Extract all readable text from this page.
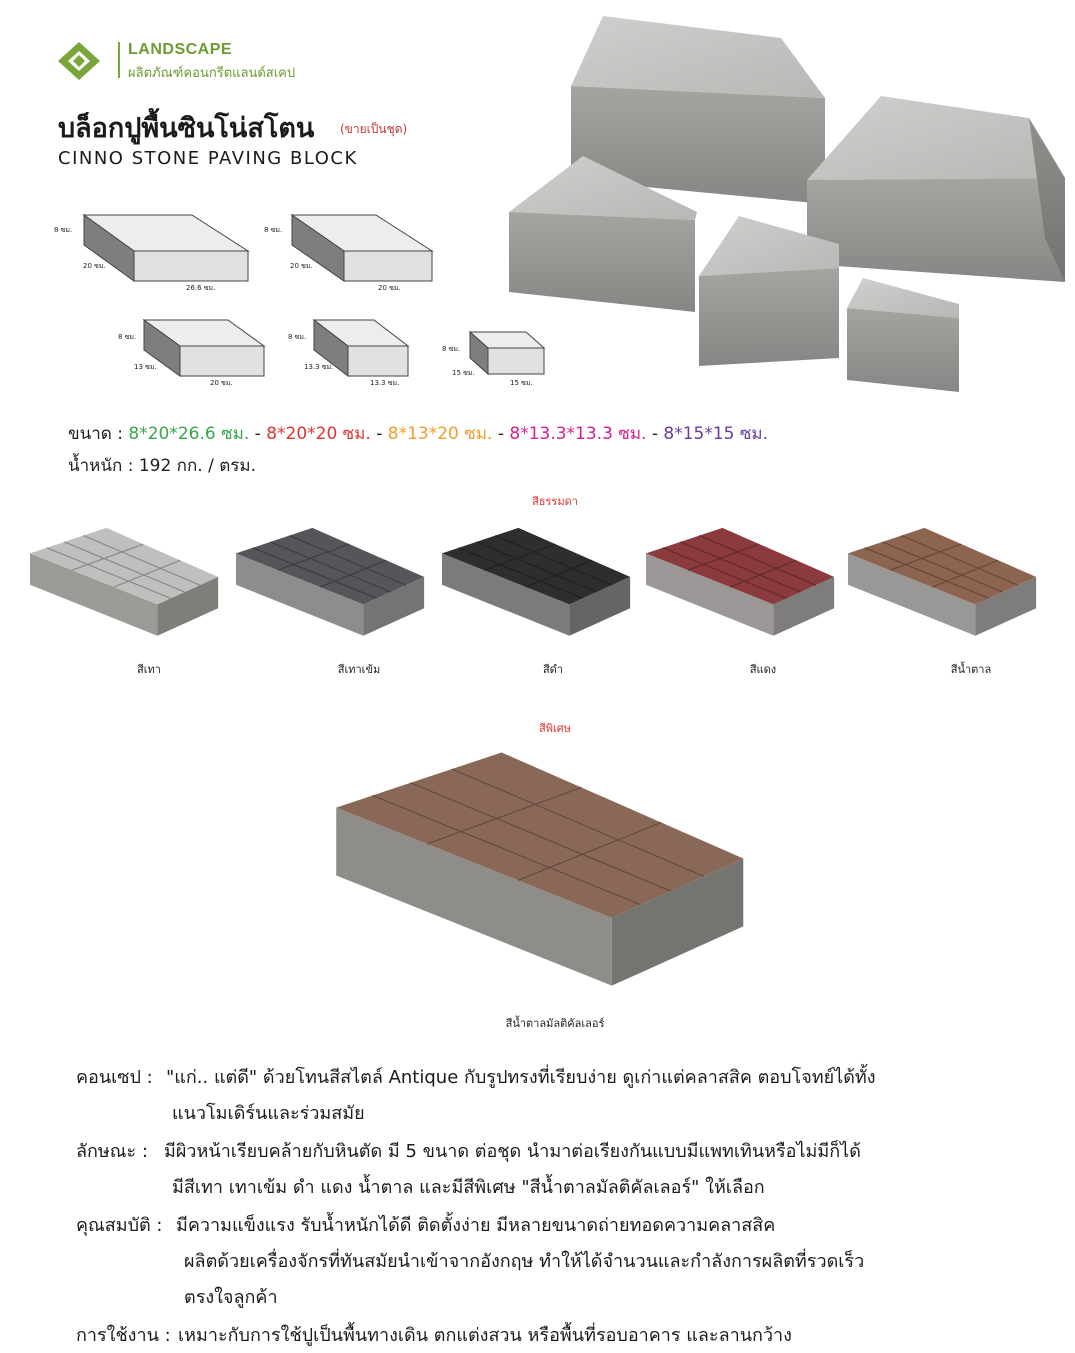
LANDSCAPE
ผลิตภัณฑ์คอนกรีตแลนด์สเคป
บล็อกปูพื้นซินโน่สโตน (ขายเป็นชุด)
CINNO STONE PAVING BLOCK
8 ซม.
20 ซม.
26.6 ซม.
8 ซม.
20 ซม.
20 ซม.
8 ซม.
13 ซม.
20 ซม.
8 ซม.
13.3 ซม.
13.3 ซม.
8 ซม.
15 ซม.
15 ซม.
ขนาด : 8*20*26.6 ซม. - 8*20*20 ซม. - 8*13*20 ซม. - 8*13.3*13.3 ซม. - 8*15*15 ซม.
น้ำหนัก : 192 กก. / ตรม.
สีธรรมดา
สีเทา	สีเทาเข้ม	สีดำ	สีแดง	สีน้ำตาล
สีพิเศษ
สีน้ำตาลมัลติคัลเลอร์
คอนเซป : "แก่.. แต่ดี" ด้วยโทนสีสไตล์ Antique กับรูปทรงที่เรียบง่าย ดูเก่าแต่คลาสสิค ตอบโจทย์ได้ทั้ง
แนวโมเดิร์นและร่วมสมัย
ลักษณะ : มีผิวหน้าเรียบคล้ายกับหินตัด มี 5 ขนาด ต่อชุด นำมาต่อเรียงกันแบบมีแพทเทินหรือไม่มีก็ได้
มีสีเทา เทาเข้ม ดำ แดง น้ำตาล และมีสีพิเศษ "สีน้ำตาลมัลติคัลเลอร์" ให้เลือก
คุณสมบัติ : มีความแข็งแรง รับน้ำหนักได้ดี ติดตั้งง่าย มีหลายขนาดถ่ายทอดความคลาสสิค
ผลิตด้วยเครื่องจักรที่ทันสมัยนำเข้าจากอังกฤษ ทำให้ได้จำนวนและกำลังการผลิตที่รวดเร็ว
ตรงใจลูกค้า
การใช้งาน : เหมาะกับการใช้ปูเป็นพื้นทางเดิน ตกแต่งสวน หรือพื้นที่รอบอาคาร และลานกว้าง
